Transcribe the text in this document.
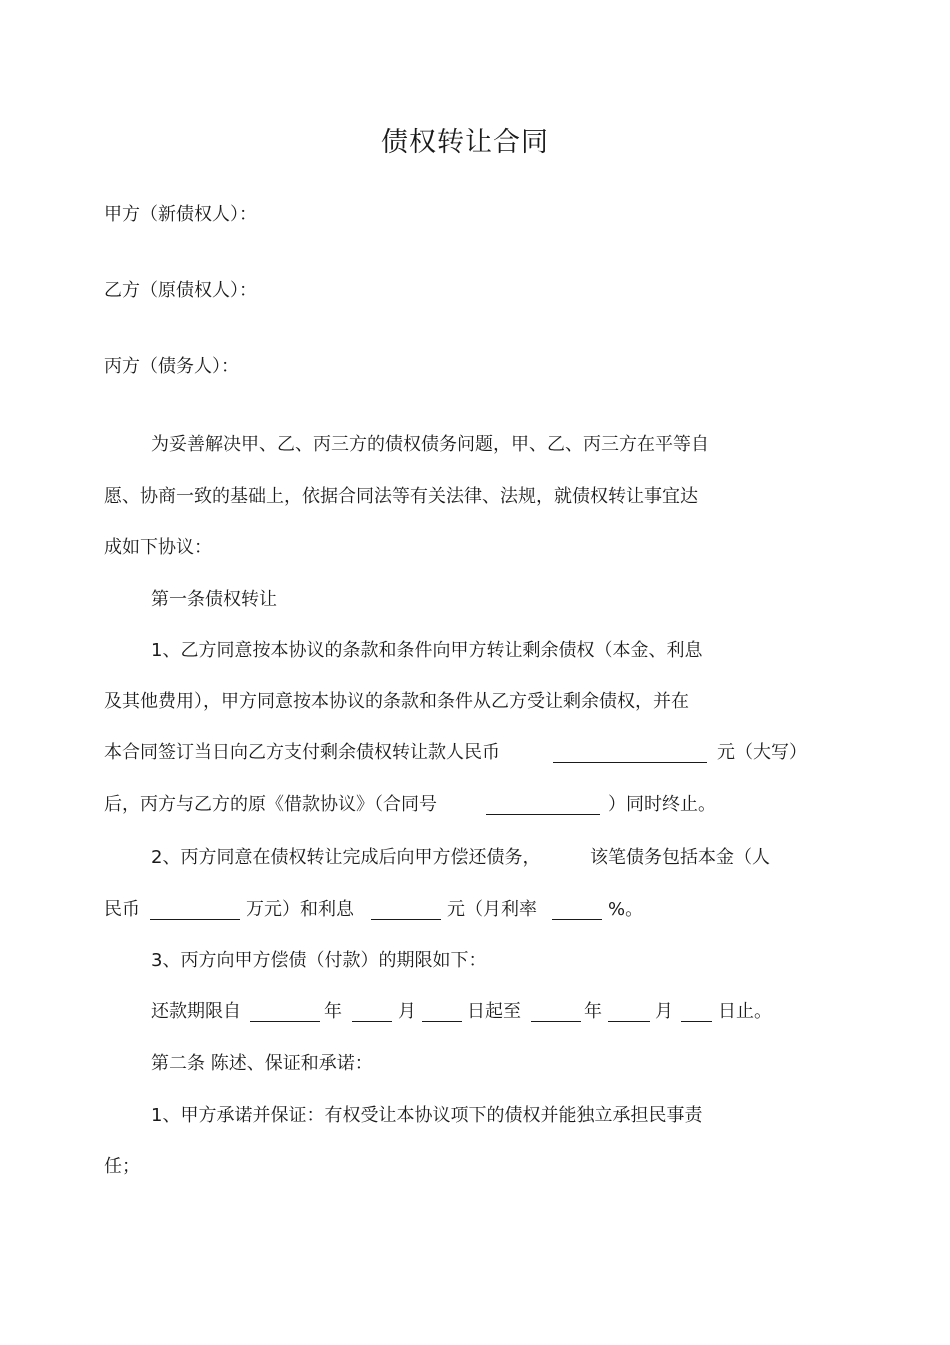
债权转让合同
甲方（新债权人）：
乙方（原债权人）：
丙方（债务人）：
为妥善解决甲、乙、丙三方的债权债务问题，甲、乙、丙三方在平等自
愿、协商一致的基础上，依据合同法等有关法律、法规，就债权转让事宜达
成如下协议：
第一条债权转让
1、乙方同意按本协议的条款和条件向甲方转让剩余债权（本金、利息
及其他费用），甲方同意按本协议的条款和条件从乙方受让剩余债权，并在
本合同签订当日向乙方支付剩余债权转让款人民币	元（大写）
后，丙方与乙方的原《借款协议》（合同号	）同时终止。
2、丙方同意在债权转让完成后向甲方偿还债务，	该笔债务包括本金（人
民币	万元）和利息	元（月利率	%。
3、丙方向甲方偿债（付款）的期限如下：
还款期限自	年	月	日起至	年	月	日止。
第二条 陈述、保证和承诺：
1、甲方承诺并保证：有权受让本协议项下的债权并能独立承担民事责
任；
